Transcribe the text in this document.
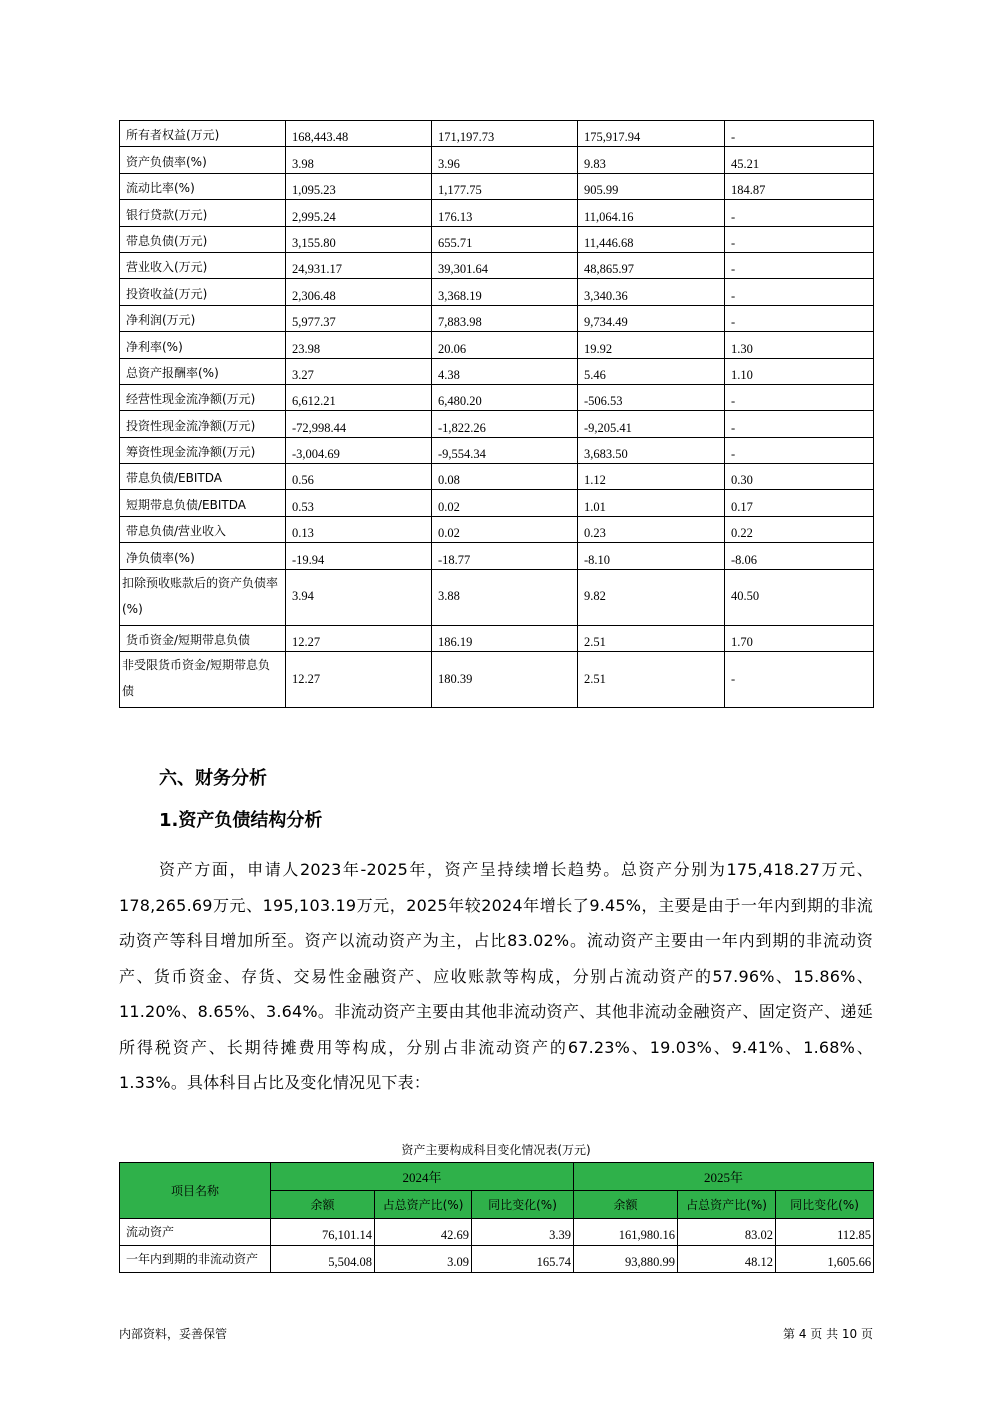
所有者权益(万元)	168,443.48	171,197.73	175,917.94	-
资产负债率(%)	3.98	3.96	9.83	45.21
流动比率(%)	1,095.23	1,177.75	905.99	184.87
银行贷款(万元)	2,995.24	176.13	11,064.16	-
带息负债(万元)	3,155.80	655.71	11,446.68	-
营业收入(万元)	24,931.17	39,301.64	48,865.97	-
投资收益(万元)	2,306.48	3,368.19	3,340.36	-
净利润(万元)	5,977.37	7,883.98	9,734.49	-
净利率(%)	23.98	20.06	19.92	1.30
总资产报酬率(%)	3.27	4.38	5.46	1.10
经营性现金流净额(万元)	6,612.21	6,480.20	-506.53	-
投资性现金流净额(万元)	-72,998.44	-1,822.26	-9,205.41	-
筹资性现金流净额(万元)	-3,004.69	-9,554.34	3,683.50	-
带息负债/EBITDA	0.56	0.08	1.12	0.30
短期带息负债/EBITDA	0.53	0.02	1.01	0.17
带息负债/营业收入	0.13	0.02	0.23	0.22
净负债率(%)	-19.94	-18.77	-8.10	-8.06
扣除预收账款后的资产负债率(%)	3.94	3.88	9.82	40.50
货币资金/短期带息负债	12.27	186.19	2.51	1.70
非受限货币资金/短期带息负债	12.27	180.39	2.51	-
六、财务分析
1.资产负债结构分析

资产方面，申请人2023年-2025年，资产呈持续增长趋势。总资产分别为175,418.27万元、178,265.69万元、195,103.19万元，2025年较2024年增长了9.45%，主要是由于一年内到期的非流动资产等科目增加所至。资产以流动资产为主，占比83.02%。流动资产主要由一年内到期的非流动资产、货币资金、存货、交易性金融资产、应收账款等构成，分别占流动资产的57.96%、15.86%、11.20%、8.65%、3.64%。非流动资产主要由其他非流动资产、其他非流动金融资产、固定资产、递延所得税资产、长期待摊费用等构成，分别占非流动资产的67.23%、19.03%、9.41%、1.68%、1.33%。具体科目占比及变化情况见下表：

资产主要构成科目变化情况表(万元)

项目名称	2024年			2025年		
	余额	占总资产比(%)	同比变化(%)	余额	占总资产比(%)	同比变化(%)
流动资产	76,101.14	42.69	3.39	161,980.16	83.02	112.85
一年内到期的非流动资产	5,504.08	3.09	165.74	93,880.99	48.12	1,605.66

内部资料，妥善保管	第 4 页 共 10 页
